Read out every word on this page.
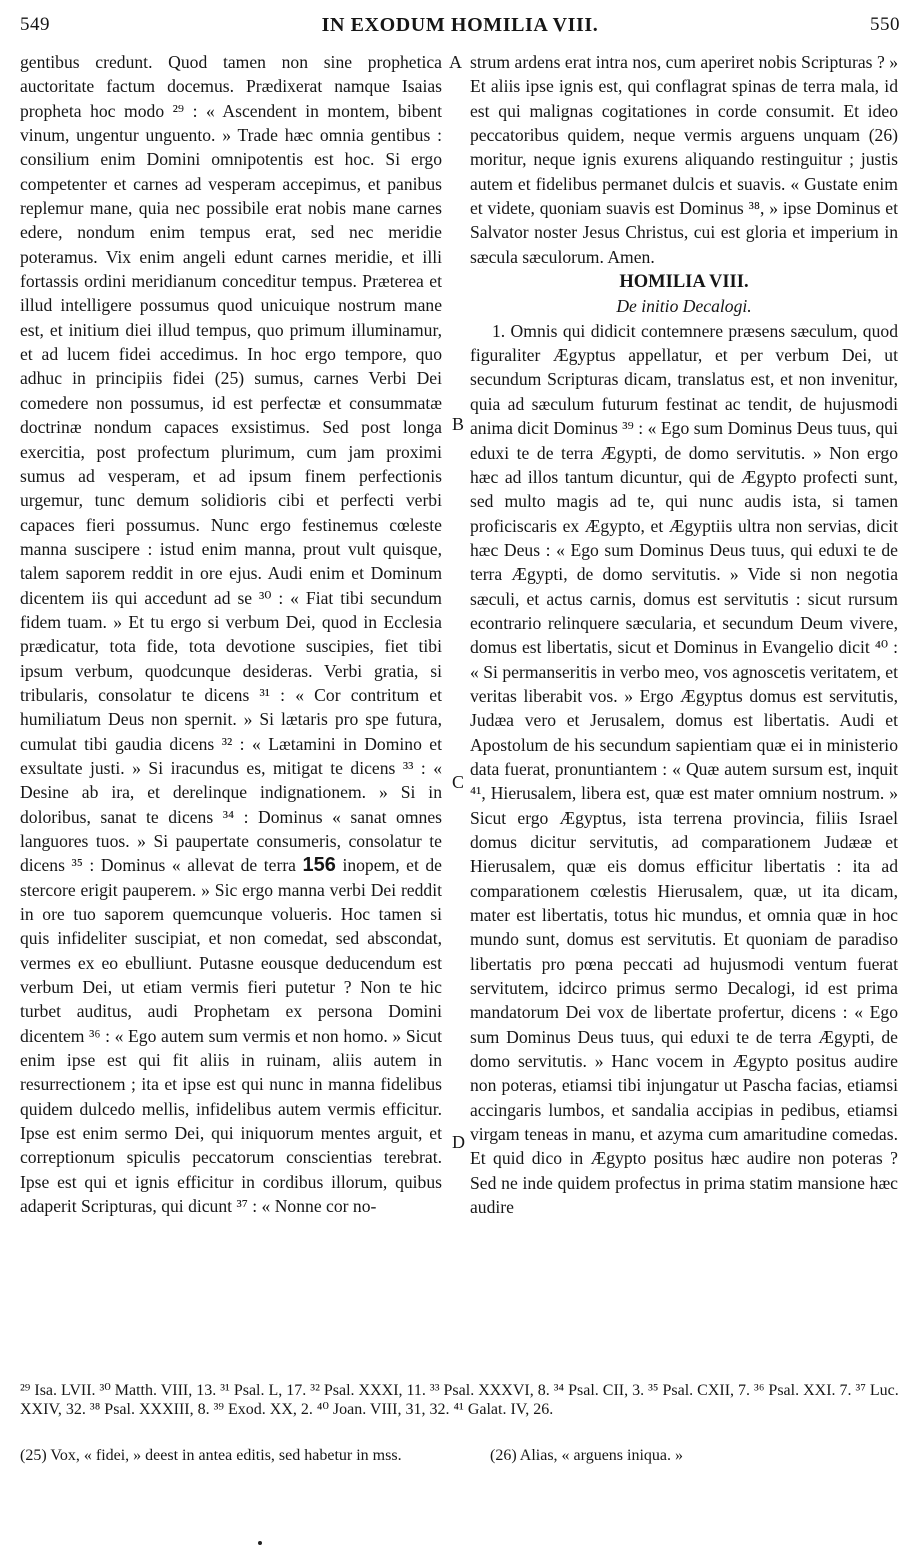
549	IN EXODUM HOMILIA VIII.	550

gentibus credunt. Quod tamen non sine prophetica auctoritate factum docemus. Prædixerat namque Isaias propheta hoc modo ²⁹ : « Ascendent in montem, bibent vinum, ungentur unguento. » Trade hæc omnia gentibus : consilium enim Domini omnipotentis est hoc. Si ergo competenter et carnes ad vesperam accepimus, et panibus replemur mane, quia nec possibile erat nobis mane carnes edere, nondum enim tempus erat, sed nec meridie poteramus. Vix enim angeli edunt carnes meridie, et illi fortassis ordini meridianum conceditur tempus. Præterea et illud intelligere possumus quod unicuique nostrum mane est, et initium diei illud tempus, quo primum illuminamur, et ad lucem fidei accedimus. In hoc ergo tempore, quo adhuc in principiis fidei (25) sumus, carnes Verbi Dei comedere non possumus, id est perfectæ et consummatæ doctrinæ nondum capaces exsistimus. Sed post longa exercitia, post profectum plurimum, cum jam proximi sumus ad vesperam, et ad ipsum finem perfectionis urgemur, tunc demum solidioris cibi et perfecti verbi capaces fieri possumus. Nunc ergo festinemus cœleste manna suscipere : istud enim manna, prout vult quisque, talem saporem reddit in ore ejus. Audi enim et Dominum dicentem iis qui accedunt ad se ³⁰ : « Fiat tibi secundum fidem tuam. » Et tu ergo si verbum Dei, quod in Ecclesia prædicatur, tota fide, tota devotione suscipies, fiet tibi ipsum verbum, quodcunque desideras. Verbi gratia, si tribularis, consolatur te dicens ³¹ : « Cor contritum et humiliatum Deus non spernit. » Si lætaris pro spe futura, cumulat tibi gaudia dicens ³² : « Lætamini in Domino et exsultate justi. » Si iracundus es, mitigat te dicens ³³ : « Desine ab ira, et derelinque indignationem. » Si in doloribus, sanat te dicens ³⁴ : Dominus « sanat omnes languores tuos. » Si paupertate consumeris, consolatur te dicens ³⁵ : Dominus « allevat de terra 156 inopem, et de stercore erigit pauperem. » Sic ergo manna verbi Dei reddit in ore tuo saporem quemcunque volueris. Hoc tamen si quis infideliter suscipiat, et non comedat, sed abscondat, vermes ex eo ebulliunt. Putasne eousque deducendum est verbum Dei, ut etiam vermis fieri putetur ? Non te hic turbet auditus, audi Prophetam ex persona Domini dicentem ³⁶ : « Ego autem sum vermis et non homo. » Sicut enim ipse est qui fit aliis in ruinam, aliis autem in resurrectionem ; ita et ipse est qui nunc in manna fidelibus quidem dulcedo mellis, infidelibus autem vermis efficitur. Ipse est enim sermo Dei, qui iniquorum mentes arguit, et correptionum spiculis peccatorum conscientias terebrat. Ipse est qui et ignis efficitur in cordibus illorum, quibus adaperit Scripturas, qui dicunt ³⁷ : « Nonne cor no-

A
B
C
D

strum ardens erat intra nos, cum aperiret nobis Scripturas ? » Et aliis ipse ignis est, qui conflagrat spinas de terra mala, id est qui malignas cogitationes in corde consumit. Et ideo peccatoribus quidem, neque vermis arguens unquam (26) moritur, neque ignis exurens aliquando restinguitur ; justis autem et fidelibus permanet dulcis et suavis. « Gustate enim et videte, quoniam suavis est Dominus ³⁸, » ipse Dominus et Salvator noster Jesus Christus, cui est gloria et imperium in sæcula sæculorum. Amen.

HOMILIA VIII.

De initio Decalogi.

1. Omnis qui didicit contemnere præsens sæculum, quod figuraliter Ægyptus appellatur, et per verbum Dei, ut secundum Scripturas dicam, translatus est, et non invenitur, quia ad sæculum futurum festinat ac tendit, de hujusmodi anima dicit Dominus ³⁹ : « Ego sum Dominus Deus tuus, qui eduxi te de terra Ægypti, de domo servitutis. » Non ergo hæc ad illos tantum dicuntur, qui de Ægypto profecti sunt, sed multo magis ad te, qui nunc audis ista, si tamen proficiscaris ex Ægypto, et Ægyptiis ultra non servias, dicit hæc Deus : « Ego sum Dominus Deus tuus, qui eduxi te de terra Ægypti, de domo servitutis. » Vide si non negotia sæculi, et actus carnis, domus est servitutis : sicut rursum econtrario relinquere sæcularia, et secundum Deum vivere, domus est libertatis, sicut et Dominus in Evangelio dicit ⁴⁰ : « Si permanseritis in verbo meo, vos agnoscetis veritatem, et veritas liberabit vos. » Ergo Ægyptus domus est servitutis, Judæa vero et Jerusalem, domus est libertatis. Audi et Apostolum de his secundum sapientiam quæ ei in ministerio data fuerat, pronuntiantem : « Quæ autem sursum est, inquit ⁴¹, Hierusalem, libera est, quæ est mater omnium nostrum. » Sicut ergo Ægyptus, ista terrena provincia, filiis Israel domus dicitur servitutis, ad comparationem Judææ et Hierusalem, quæ eis domus efficitur libertatis : ita ad comparationem cœlestis Hierusalem, quæ, ut ita dicam, mater est libertatis, totus hic mundus, et omnia quæ in hoc mundo sunt, domus est servitutis. Et quoniam de paradiso libertatis pro pœna peccati ad hujusmodi ventum fuerat servitutem, idcirco primus sermo Decalogi, id est prima mandatorum Dei vox de libertate profertur, dicens : « Ego sum Dominus Deus tuus, qui eduxi te de terra Ægypti, de domo servitutis. » Hanc vocem in Ægypto positus audire non poteras, etiamsi tibi injungatur ut Pascha facias, etiamsi accingaris lumbos, et sandalia accipias in pedibus, etiamsi virgam teneas in manu, et azyma cum amaritudine comedas. Et quid dico in Ægypto positus hæc audire non poteras ? Sed ne inde quidem profectus in prima statim mansione hæc audire

²⁹ Isa. LVII. ³⁰ Matth. VIII, 13. ³¹ Psal. L, 17. ³² Psal. XXXI, 11. ³³ Psal. XXXVI, 8. ³⁴ Psal. CII, 3. ³⁵ Psal. CXII, 7. ³⁶ Psal. XXI. 7. ³⁷ Luc. XXIV, 32. ³⁸ Psal. XXXIII, 8. ³⁹ Exod. XX, 2. ⁴⁰ Joan. VIII, 31, 32. ⁴¹ Galat. IV, 26.
(25) Vox, « fidei, » deest in antea editis, sed habetur in mss.	(26) Alias, « arguens iniqua. »
